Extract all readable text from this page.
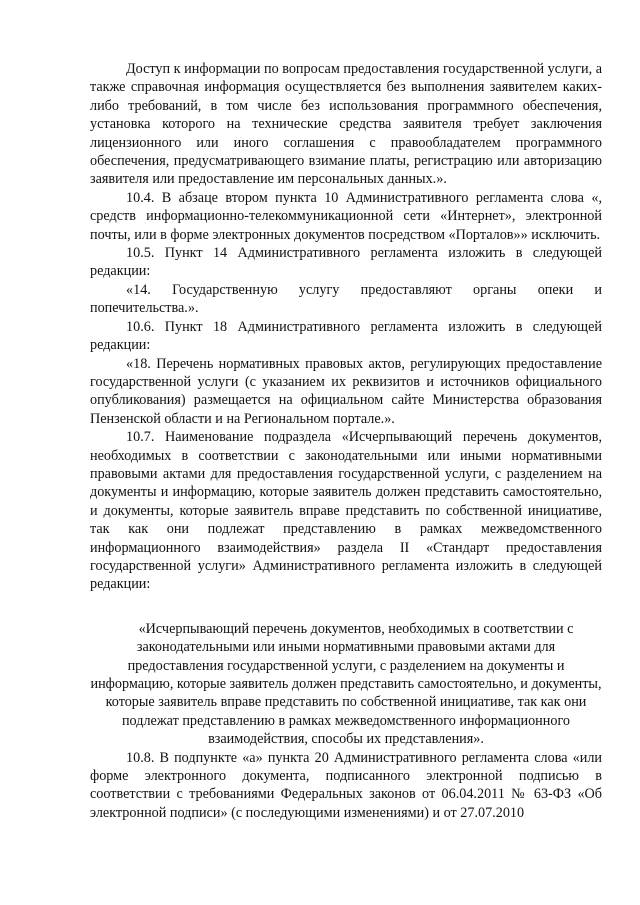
Доступ к информации по вопросам предоставления государственной услуги, а также справочная информация осуществляется без выполнения заявителем каких-либо требований, в том числе без использования программного обеспечения, установка которого на технические средства заявителя требует заключения лицензионного или иного соглашения с правообладателем программного обеспечения, предусматривающего взимание платы, регистрацию или авторизацию заявителя или предоставление им персональных данных.».

10.4. В абзаце втором пункта 10 Административного регламента слова «, средств информационно-телекоммуникационной сети «Интернет», электронной почты, или в форме электронных документов посредством «Порталов»» исключить.

10.5. Пункт 14 Административного регламента изложить в следующей редакции:

«14. Государственную услугу предоставляют органы опеки и попечительства.».

10.6. Пункт 18 Административного регламента изложить в следующей редакции:

«18. Перечень нормативных правовых актов, регулирующих предоставление государственной услуги (с указанием их реквизитов и источников официального опубликования) размещается на официальном сайте Министерства образования Пензенской области и на Региональном портале.».

10.7. Наименование подраздела «Исчерпывающий перечень документов, необходимых в соответствии с законодательными или иными нормативными правовыми актами для предоставления государственной услуги, с разделением на документы и информацию, которые заявитель должен представить самостоятельно, и документы, которые заявитель вправе представить по собственной инициативе, так как они подлежат представлению в рамках межведомственного информационного взаимодействия» раздела II «Стандарт предоставления государственной услуги» Административного регламента изложить в следующей редакции:

«Исчерпывающий перечень документов, необходимых в соответствии с законодательными или иными нормативными правовыми актами для предоставления государственной услуги, с разделением на документы и информацию, которые заявитель должен представить самостоятельно, и документы, которые заявитель вправе представить по собственной инициативе, так как они подлежат представлению в рамках межведомственного информационного взаимодействия, способы их представления».

10.8. В подпункте «а» пункта 20 Административного регламента слова «или форме электронного документа, подписанного электронной подписью в соответствии с требованиями Федеральных законов от 06.04.2011 № 63-ФЗ «Об электронной подписи» (с последующими изменениями) и от 27.07.2010
